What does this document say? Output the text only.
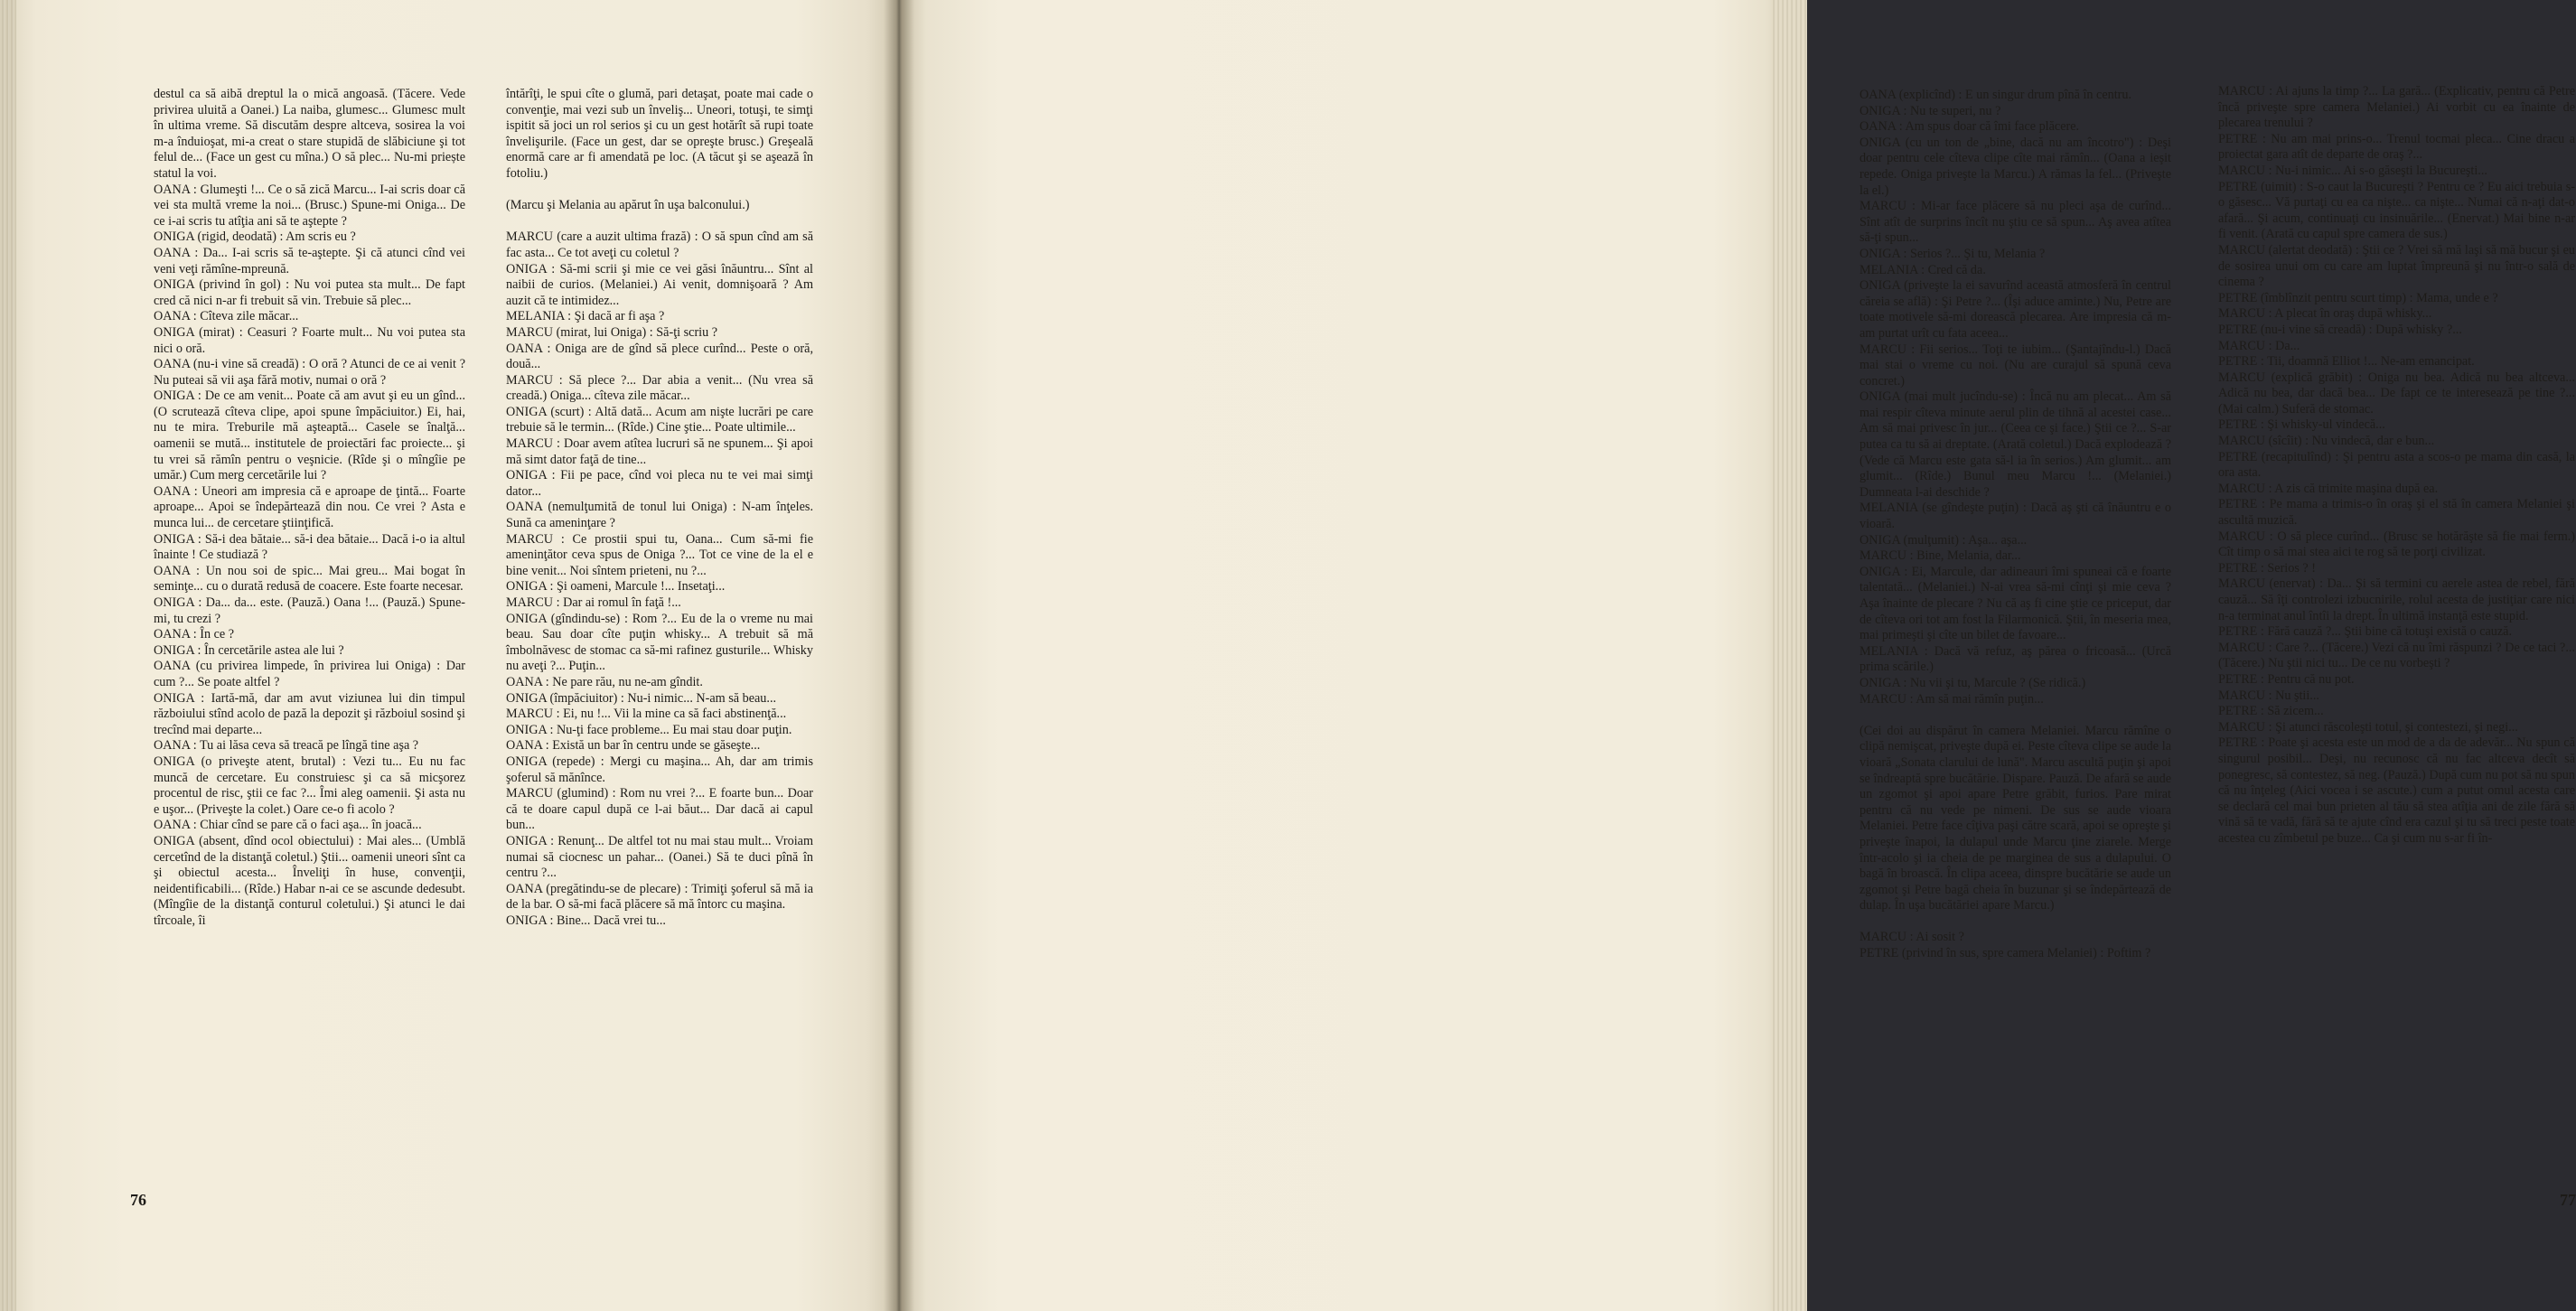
destul ca să aibă dreptul la o mică angoasă. (Tăcere. Vede privirea uluită a Oanei.) La naiba, glumesc... Glumesc mult în ultima vreme. Să discutăm despre altceva, sosirea la voi m-a înduioşat, mi-a creat o stare stupidă de slăbiciune şi tot felul de... (Face un gest cu mîna.) O să plec... Nu-mi priește statul la voi.
OANA : Glumeşti !... Ce o să zică Marcu... I-ai scris doar că vei sta multă vreme la noi... (Brusc.) Spune-mi Oniga... De ce i-ai scris tu atîţia ani să te aştepte ?
ONIGA (rigid, deodată) : Am scris eu ?
OANA : Da... I-ai scris să te-aştepte. Şi că atunci cînd vei veni veţi rămîne-mpreună.
ONIGA (privind în gol) : Nu voi putea sta mult... De fapt cred că nici n-ar fi trebuit să vin. Trebuie să plec...
OANA : Cîteva zile măcar...
ONIGA (mirat) : Ceasuri ? Foarte mult... Nu voi putea sta nici o oră.
OANA (nu-i vine să creadă) : O oră ? Atunci de ce ai venit ? Nu puteai să vii aşa fără motiv, numai o oră ?
ONIGA : De ce am venit... Poate că am avut şi eu un gînd... (O scrutează cîteva clipe, apoi spune împăciuitor.) Ei, hai, nu te mira. Treburile mă aşteaptă... Casele se înalţă... oamenii se mută... institutele de proiectări fac proiecte... şi tu vrei să rămîn pentru o veşnicie. (Rîde şi o mîngîie pe umăr.) Cum merg cercetările lui ?
OANA : Uneori am impresia că e aproape de ţintă... Foarte aproape... Apoi se îndepărtează din nou. Ce vrei ? Asta e munca lui... de cercetare ştiinţifică.
ONIGA : Să-i dea bătaie... să-i dea bătaie... Dacă i-o ia altul înainte ! Ce studiază ?
OANA : Un nou soi de spic... Mai greu... Mai bogat în seminţe... cu o durată redusă de coacere. Este foarte necesar.
ONIGA : Da... da... este. (Pauză.) Oana !... (Pauză.) Spune-mi, tu crezi ?
OANA : În ce ?
ONIGA : În cercetările astea ale lui ?
OANA (cu privirea limpede, în privirea lui Oniga) : Dar cum ?... Se poate altfel ?
ONIGA : Iartă-mă, dar am avut viziunea lui din timpul războiului stînd acolo de pază la depozit şi războiul sosind şi trecînd mai departe...
OANA : Tu ai lăsa ceva să treacă pe lîngă tine aşa ?
ONIGA (o priveşte atent, brutal) : Vezi tu... Eu nu fac muncă de cercetare. Eu construiesc şi ca să micşorez procentul de risc, ştii ce fac ?... Îmi aleg oamenii. Şi asta nu e uşor... (Priveşte la colet.) Oare ce-o fi acolo ?
OANA : Chiar cînd se pare că o faci aşa... în joacă...
ONIGA (absent, dînd ocol obiectului) : Mai ales... (Umblă cercetînd de la distanţă coletul.) Ştii... oamenii uneori sînt ca şi obiectul acesta... Înveliţi în huse, convenţii, neidentificabili... (Rîde.) Habar n-ai ce se ascunde dedesubt. (Mîngîie de la distanţă conturul coletului.) Şi atunci le dai tîrcoale, îi
întărîţi, le spui cîte o glumă, pari detaşat, poate mai cade o convenţie, mai vezi sub un înveliş... Uneori, totuşi, te simţi ispitit să joci un rol serios şi cu un gest hotărît să rupi toate învelişurile. (Face un gest, dar se opreşte brusc.) Greşeală enormă care ar fi amendată pe loc. (A tăcut şi se aşează în fotoliu.)

(Marcu şi Melania au apărut în uşa balconului.)

MARCU (care a auzit ultima frază) : O să spun cînd am să fac asta... Ce tot aveţi cu coletul ?
ONIGA : Să-mi scrii şi mie ce vei găsi înăuntru... Sînt al naibii de curios. (Melaniei.) Ai venit, domnişoară ? Am auzit că te intimidez...
MELANIA : Şi dacă ar fi aşa ?
MARCU (mirat, lui Oniga) : Să-ţi scriu ?
OANA : Oniga are de gînd să plece curînd... Peste o oră, două...
MARCU : Să plece ?... Dar abia a venit... (Nu vrea să creadă.) Oniga... cîteva zile măcar...
ONIGA (scurt) : Altă dată... Acum am nişte lucrări pe care trebuie să le termin... (Rîde.) Cine ştie... Poate ultimile...
MARCU : Doar avem atîtea lucruri să ne spunem... Şi apoi mă simt dator faţă de tine...
ONIGA : Fii pe pace, cînd voi pleca nu te vei mai simţi dator...
OANA (nemulţumită de tonul lui Oniga) : N-am înţeles. Sună ca ameninţare ?
MARCU : Ce prostii spui tu, Oana... Cum să-mi fie ameninţător ceva spus de Oniga ?... Tot ce vine de la el e bine venit... Noi sîntem prieteni, nu ?...
ONIGA : Şi oameni, Marcule !... Insetaţi...
MARCU : Dar ai romul în faţă !...
ONIGA (gîndindu-se) : Rom ?... Eu de la o vreme nu mai beau. Sau doar cîte puţin whisky... A trebuit să mă îmbolnăvesc de stomac ca să-mi rafinez gusturile... Whisky nu aveţi ?... Puţin...
OANA : Ne pare rău, nu ne-am gîndit.
ONIGA (împăciuitor) : Nu-i nimic... N-am să beau...
MARCU : Ei, nu !... Vii la mine ca să faci abstinenţă...
ONIGA : Nu-ţi face probleme... Eu mai stau doar puţin.
OANA : Există un bar în centru unde se găseşte...
ONIGA (repede) : Mergi cu maşina... Ah, dar am trimis şoferul să mănînce.
MARCU (glumind) : Rom nu vrei ?... E foarte bun... Doar că te doare capul după ce l-ai băut... Dar dacă ai capul bun...
ONIGA : Renunţ... De altfel tot nu mai stau mult... Vroiam numai să ciocnesc un pahar... (Oanei.) Să te duci pînă în centru ?...
OANA (pregătindu-se de plecare) : Trimiţi şoferul să mă ia de la bar. O să-mi facă plăcere să mă întorc cu maşina.
ONIGA : Bine... Dacă vrei tu...
76
OANA (explicînd) : E un singur drum pînă în centru.
ONIGA : Nu te superi, nu ?
OANA : Am spus doar că îmi face plăcere.
ONIGA (cu un ton de „bine, dacă nu am încotro") : Deşi doar pentru cele cîteva clipe cîte mai rămîn... (Oana a ieşit repede. Oniga priveşte la Marcu.) A rămas la fel... (Priveşte la el.)
MARCU : Mi-ar face plăcere să nu pleci aşa de curînd... Sînt atît de surprins încît nu ştiu ce să spun... Aş avea atîtea să-ţi spun...
ONIGA : Serios ?... Şi tu, Melania ?
MELANIA : Cred că da.
ONIGA (priveşte la ei savurînd această atmosferă în centrul căreia se află) : Şi Petre ?... (Îşi aduce aminte.) Nu, Petre are toate motivele să-mi dorească plecarea. Are impresia că m-am purtat urît cu fata aceea...
MARCU : Fii serios... Toţi te iubim... (Şantajîndu-l.) Dacă mai stai o vreme cu noi. (Nu are curajul să spună ceva concret.)
ONIGA (mai mult jucîndu-se) : Încă nu am plecat... Am să mai respir cîteva minute aerul plin de tihnă al acestei case... Am să mai privesc în jur... (Ceea ce şi face.) Ştii ce ?... S-ar putea ca tu să ai dreptate. (Arată coletul.) Dacă explodează ? (Vede că Marcu este gata să-l ia în serios.) Am glumit... am glumit... (Rîde.) Bunul meu Marcu !... (Melaniei.) Dumneata l-ai deschide ?
MELANIA (se gîndeşte puţin) : Dacă aş şti că înăuntru e o vioară.
ONIGA (mulţumit) : Aşa... aşa...
MARCU : Bine, Melania, dar...
ONIGA : Ei, Marcule, dar adineauri îmi spuneai că e foarte talentată... (Melaniei.) N-ai vrea să-mi cînţi şi mie ceva ? Aşa înainte de plecare ? Nu că aş fi cine ştie ce priceput, dar de cîteva ori tot am fost la Filarmonică. Ştii, în meseria mea, mai primeşti şi cîte un bilet de favoare...
MELANIA : Dacă vă refuz, aş părea o fricoasă... (Urcă prima scările.)
ONIGA : Nu vii şi tu, Marcule ? (Se ridică.)
MARCU : Am să mai rămîn puţin...

(Cei doi au dispărut în camera Melaniei. Marcu rămîne o clipă nemişcat, priveşte după ei. Peste cîteva clipe se aude la vioară „Sonata clarului de lună". Marcu ascultă puţin şi apoi se îndreaptă spre bucătărie. Dispare. Pauză. De afară se aude un zgomot şi apoi apare Petre grăbit, furios. Pare mirat pentru că nu vede pe nimeni. De sus se aude vioara Melaniei. Petre face cîţiva paşi către scară, apoi se opreşte şi priveşte înapoi, la dulapul unde Marcu ţine ziarele. Merge într-acolo şi ia cheia de pe marginea de sus a dulapului. O bagă în broască. În clipa aceea, dinspre bucătărie se aude un zgomot şi Petre bagă cheia în buzunar şi se îndepărtează de dulap. În uşa bucătăriei apare Marcu.)

MARCU : Ai sosit ?
PETRE (privind în sus, spre camera Melaniei) : Poftim ?
MARCU : Ai ajuns la timp ?... La gară... (Explicativ, pentru că Petre încă priveşte spre camera Melaniei.) Ai vorbit cu ea înainte de plecarea trenului ?
PETRE : Nu am mai prins-o... Trenul tocmai pleca... Cine dracu a proiectat gara atît de departe de oraş ?...
MARCU : Nu-i nimic... Ai s-o găseşti la Bucureşti...
PETRE (uimit) : S-o caut la Bucureşti ? Pentru ce ? Eu aici trebuia s-o găsesc... Vă purtaţi cu ea ca nişte... ca nişte... Numai că n-aţi dat-o afară... Şi acum, continuaţi cu insinuările... (Enervat.) Mai bine n-ar fi venit. (Arată cu capul spre camera de sus.)
MARCU (alertat deodată) : Ştii ce ? Vrei să mă laşi să mă bucur şi eu de sosirea unui om cu care am luptat împreună şi nu într-o sală de cinema ?
PETRE (îmblînzit pentru scurt timp) : Mama, unde e ?
MARCU : A plecat în oraş după whisky...
PETRE (nu-i vine să creadă) : După whisky ?...
MARCU : Da...
PETRE : Tii, doamnă Elliot !... Ne-am emancipat.
MARCU (explică grăbit) : Oniga nu bea. Adică nu bea altceva... Adică nu bea, dar dacă bea... De fapt ce te interesează pe tine ?... (Mai calm.) Suferă de stomac.
PETRE : Şi whisky-ul vindecă...
MARCU (sîcîit) : Nu vindecă, dar e bun...
PETRE (recapitulînd) : Şi pentru asta a scos-o pe mama din casă, la ora asta.
MARCU : A zis că trimite maşina după ea.
PETRE : Pe mama a trimis-o în oraş şi el stă în camera Melaniei şi ascultă muzică.
MARCU : O să plece curînd... (Brusc se hotărăşte să fie mai ferm.) Cît timp o să mai stea aici te rog să te porţi civilizat.
PETRE : Serios ? !
MARCU (enervat) : Da... Şi să termini cu aerele astea de rebel, fără cauză... Să îţi controlezi izbucnirile, rolul acesta de justiţiar care nici n-a terminat anul întîi la drept. În ultimă instanţă este stupid.
PETRE : Fără cauză ?... Ştii bine că totuşi există o cauză.
MARCU : Care ?... (Tăcere.) Vezi că nu îmi răspunzi ? De ce taci ?... (Tăcere.) Nu ştii nici tu... De ce nu vorbeşti ?
PETRE : Pentru că nu pot.
MARCU : Nu ştii...
PETRE : Să zicem...
MARCU : Şi atunci răscoleşti totul, şi contestezi, şi negi...
PETRE : Poate şi acesta este un mod de a da de adevăr... Nu spun că singurul posibil... Deşi, nu recunosc că nu fac altceva decît să ponegresc, să contestez, să neg. (Pauză.) După cum nu pot să nu spun că nu înţeleg (Aici vocea i se ascute.) cum a putut omul acesta care se declară cel mai bun prieten al tău să stea atîţia ani de zile fără să vină să te vadă, fără să te ajute cînd era cazul şi tu să treci peste toate acestea cu zîmbetul pe buze... Ca şi cum nu s-ar fi în-
77
